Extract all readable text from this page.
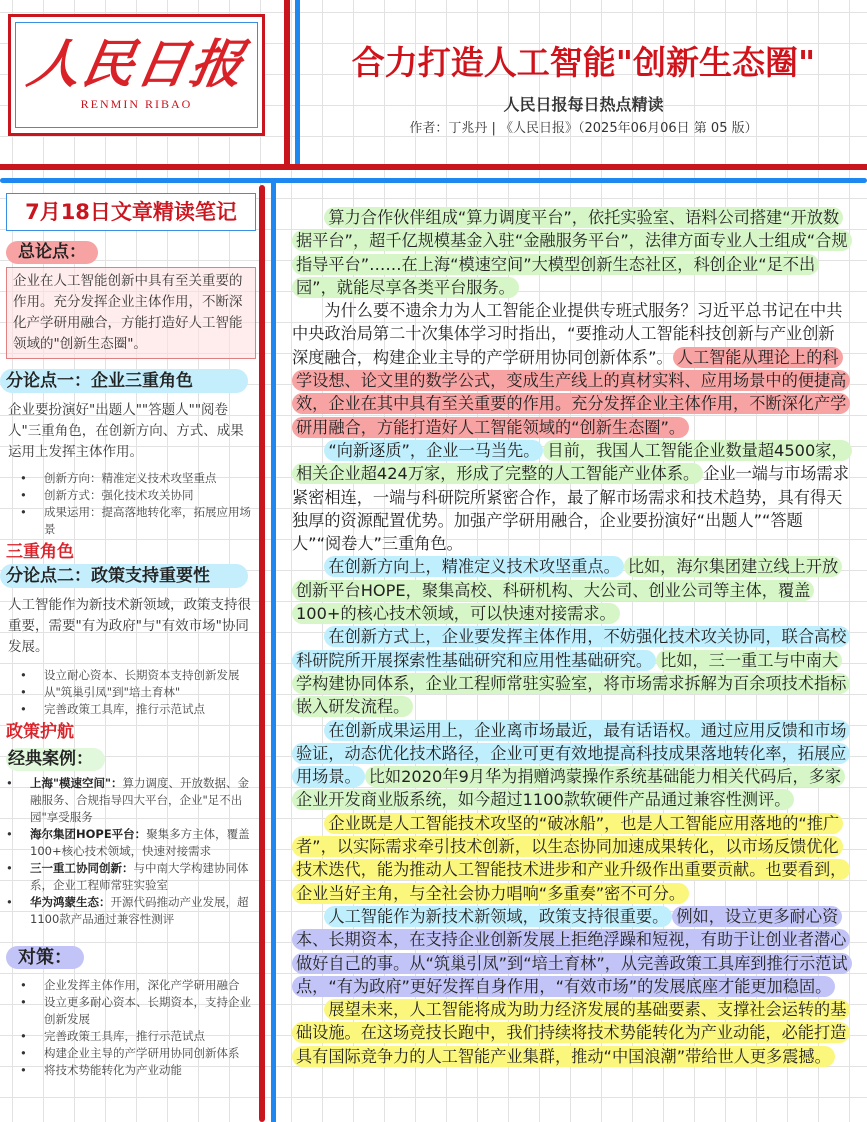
人民日报
RENMIN RIBAO
合力打造人工智能"创新生态圈"
人民日报每日热点精读
作者：丁兆丹 | 《人民日报》（2025年06月06日 第 05 版）
7月18日文章精读笔记
总论点：
企业在人工智能创新中具有至关重要的作用。充分发挥企业主体作用，不断深化产学研用融合，方能打造好人工智能领域的"创新生态圈"。
分论点一：企业三重角色
企业要扮演好"出题人""答题人""阅卷人"三重角色，在创新方向、方式、成果运用上发挥主体作用。
• 创新方向：精准定义技术攻坚重点
• 创新方式：强化技术攻关协同
• 成果运用：提高落地转化率，拓展应用场景
三重角色
分论点二：政策支持重要性
人工智能作为新技术新领域，政策支持很重要，需要"有为政府"与"有效市场"协同发展。
• 设立耐心资本、长期资本支持创新发展
• 从"筑巢引凤"到"培土育林"
• 完善政策工具库，推行示范试点
政策护航
经典案例：
• 上海"模速空间"：算力调度、开放数据、金融服务、合规指导四大平台，企业"足不出园"享受服务
• 海尔集团HOPE平台：聚集多方主体，覆盖100+核心技术领域，快速对接需求
• 三一重工协同创新：与中南大学构建协同体系，企业工程师常驻实验室
• 华为鸿蒙生态：开源代码推动产业发展，超1100款产品通过兼容性测评
对策：
• 企业发挥主体作用，深化产学研用融合
• 设立更多耐心资本、长期资本，支持企业创新发展
• 完善政策工具库，推行示范试点
• 构建企业主导的产学研用协同创新体系
• 将技术势能转化为产业动能

算力合作伙伴组成“算力调度平台”，依托实验室、语料公司搭建“开放数据平台”，超千亿规模基金入驻“金融服务平台”，法律方面专业人士组成“合规指导平台”……在上海“模速空间”大模型创新生态社区，科创企业“足不出园”，就能尽享各类平台服务。

为什么要不遗余力为人工智能企业提供专班式服务？习近平总书记在中共中央政治局第二十次集体学习时指出，“要推动人工智能科技创新与产业创新深度融合，构建企业主导的产学研用协同创新体系”。 人工智能从理论上的科学设想、论文里的数学公式，变成生产线上的真材实料、应用场景中的便捷高效，企业在其中具有至关重要的作用。充分发挥企业主体作用，不断深化产学研用融合，方能打造好人工智能领域的“创新生态圈”。

“向新逐质”，企业一马当先。 目前，我国人工智能企业数量超4500家，相关企业超424万家，形成了完整的人工智能产业体系。 企业一端与市场需求紧密相连，一端与科研院所紧密合作，最了解市场需求和技术趋势，具有得天独厚的资源配置优势。加强产学研用融合，企业要扮演好“出题人”“答题人”“阅卷人”三重角色。

在创新方向上，精准定义技术攻坚重点。 比如，海尔集团建立线上开放创新平台HOPE，聚集高校、科研机构、大公司、创业公司等主体，覆盖100+的核心技术领域，可以快速对接需求。

在创新方式上，企业要发挥主体作用，不妨强化技术攻关协同，联合高校科研院所开展探索性基础研究和应用性基础研究。 比如，三一重工与中南大学构建协同体系，企业工程师常驻实验室，将市场需求拆解为百余项技术指标嵌入研发流程。

在创新成果运用上，企业离市场最近，最有话语权。通过应用反馈和市场验证，动态优化技术路径，企业可更有效地提高科技成果落地转化率，拓展应用场景。 比如2020年9月华为捐赠鸿蒙操作系统基础能力相关代码后，多家企业开发商业版系统，如今超过1100款软硬件产品通过兼容性测评。

企业既是人工智能技术攻坚的“破冰船”，也是人工智能应用落地的“推广者”，以实际需求牵引技术创新，以生态协同加速成果转化，以市场反馈优化技术迭代，能为推动人工智能技术进步和产业升级作出重要贡献。也要看到，企业当好主角，与全社会协力唱响“多重奏”密不可分。

人工智能作为新技术新领域，政策支持很重要。 例如，设立更多耐心资本、长期资本，在支持企业创新发展上拒绝浮躁和短视，有助于让创业者潜心做好自己的事。从“筑巢引凤”到“培土育林”，从完善政策工具库到推行示范试点，“有为政府”更好发挥自身作用，“有效市场”的发展底座才能更加稳固。

展望未来，人工智能将成为助力经济发展的基础要素、支撑社会运转的基础设施。在这场竞技长跑中，我们持续将技术势能转化为产业动能，必能打造具有国际竞争力的人工智能产业集群，推动“中国浪潮”带给世人更多震撼。
